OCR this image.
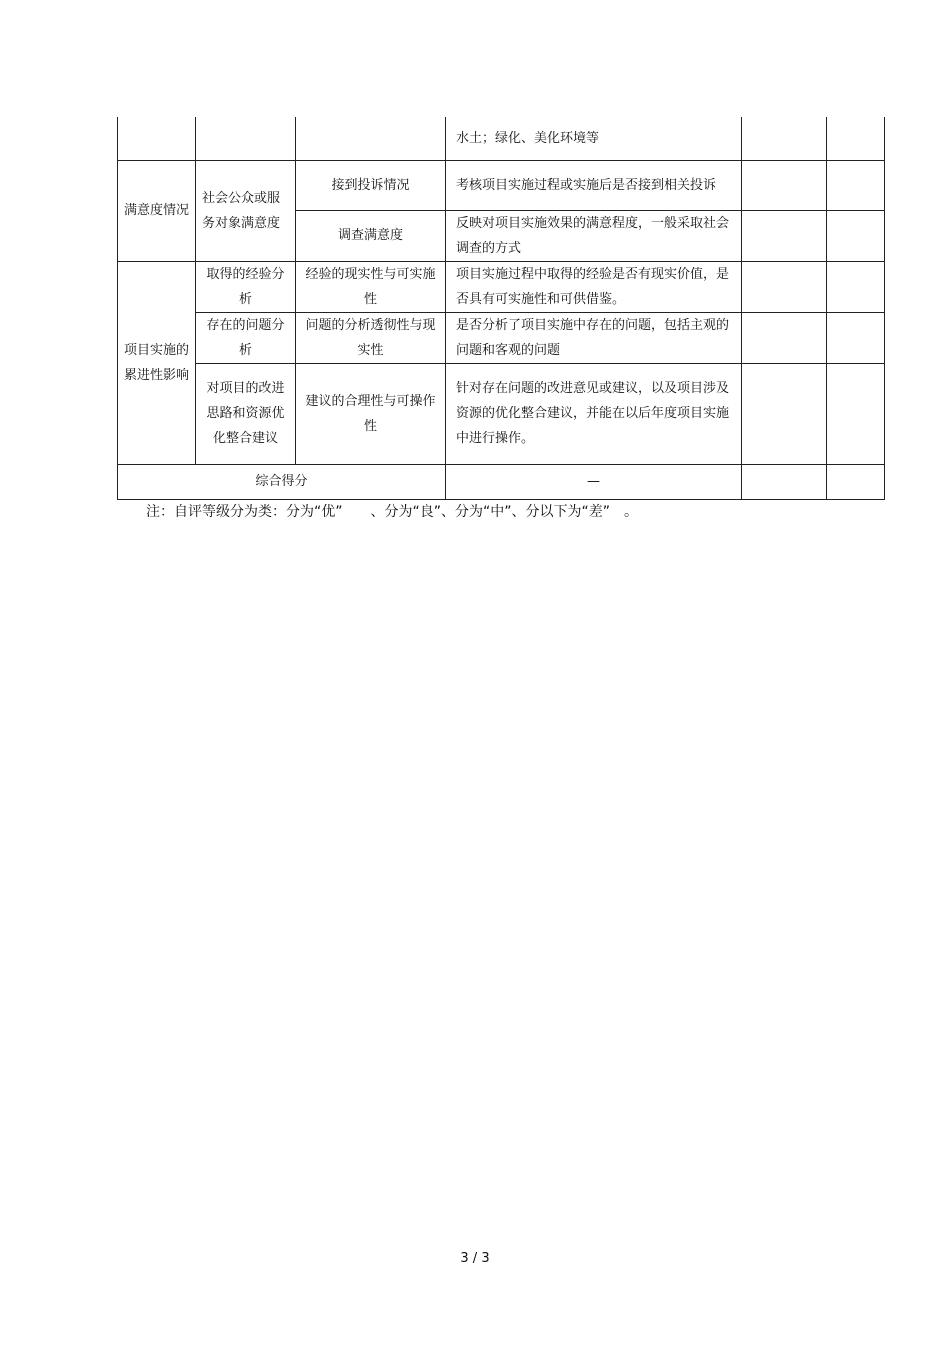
			水土；绿化、美化环境等		
满意度情况	社会公众或服务对象满意度	接到投诉情况	考核项目实施过程或实施后是否接到相关投诉		
		调查满意度	反映对项目实施效果的满意程度，一般采取社会调查的方式		
项目实施的累进性影响	取得的经验分析	经验的现实性与可实施性	项目实施过程中取得的经验是否有现实价值，是否具有可实施性和可供借鉴。		
	存在的问题分析	问题的分析透彻性与现实性	是否分析了项目实施中存在的问题，包括主观的问题和客观的问题		
	对项目的改进思路和资源优化整合建议	建议的合理性与可操作性	针对存在问题的改进意见或建议，以及项目涉及资源的优化整合建议，并能在以后年度项目实施中进行操作。		
综合得分			—		
注：自评等级分为类：分为“优”　　、分为“良”、分为“中”、分以下为“差”　。
3 / 3
